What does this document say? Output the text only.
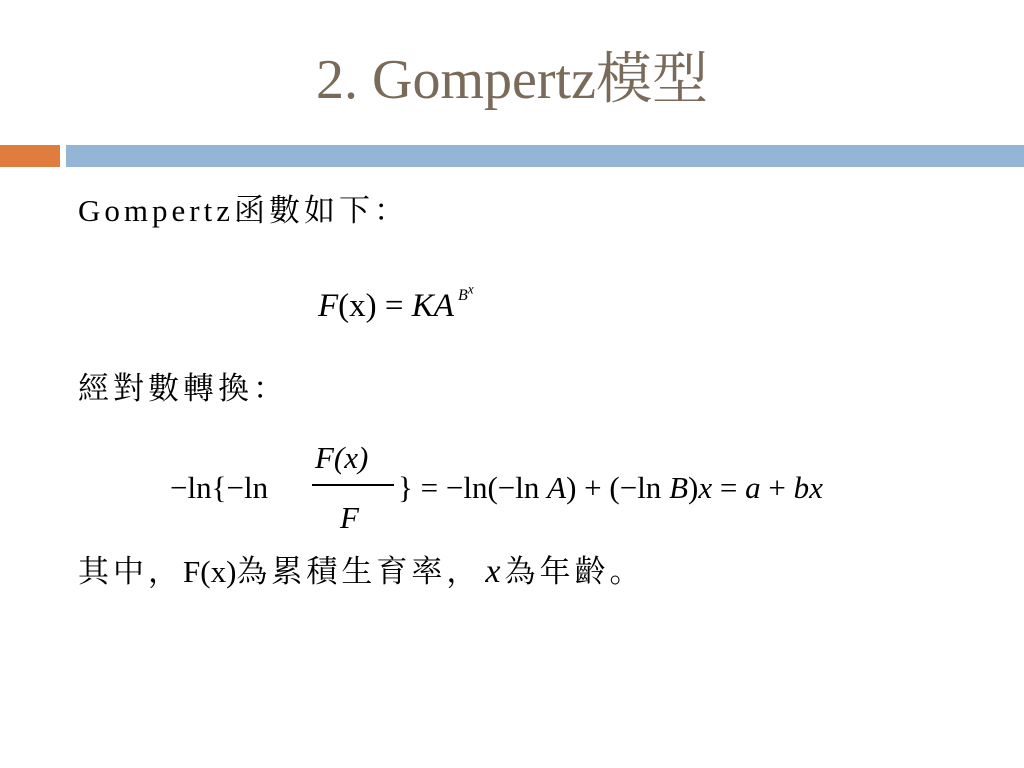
2. Gompertz模型
Gompertz函數如下：
F(x) = KA $^{B^x}$
經對數轉換：
−ln{−ln
F(x)
F
} = −ln(−ln A) + (−ln B)x = a + bx
其中，F(x)為累積生育率， x 為年齡。
